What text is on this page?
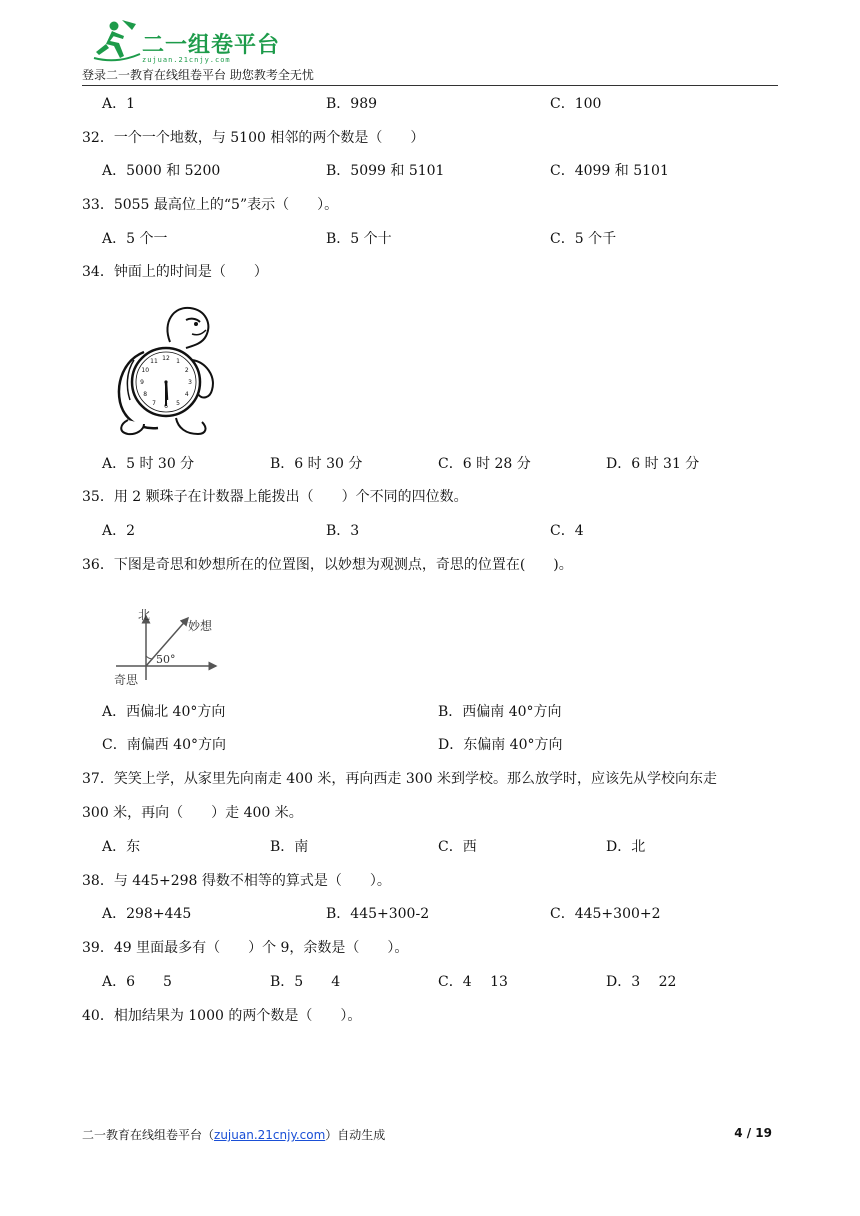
二一组卷平台
zujuan.21cnjy.com
登录二一教育在线组卷平台 助您教考全无忧
A．1	B．989	C．100
32．一个一个地数，与 5100 相邻的两个数是（　　）
A．5000 和 5200	B．5099 和 5101	C．4099 和 5101
33．5055 最高位上的“5”表示（　　）。
A．5 个一	B．5 个十	C．5 个千
34．钟面上的时间是（　　）
12 1
2
3
4
5
6
7
8
9
10
11
A．5 时 30 分	B．6 时 30 分	C．6 时 28 分	D．6 时 31 分
35．用 2 颗珠子在计数器上能拨出（　　）个不同的四位数。
A．2	B．3	C．4
36．下图是奇思和妙想所在的位置图，以妙想为观测点，奇思的位置在(　　)。
北
妙想
50°
奇思
A．西偏北 40°方向	B．西偏南 40°方向
C．南偏西 40°方向	D．东偏南 40°方向
37．笑笑上学，从家里先向南走 400 米，再向西走 300 米到学校。那么放学时，应该先从学校向东走
300 米，再向（　　）走 400 米。
A．东	B．南	C．西	D．北
38．与 445+298 得数不相等的算式是（　　）。
A．298+445	B．445+300-2	C．445+300+2
39．49 里面最多有（　　）个 9，余数是（　　）。
A．6　　5	B．5　　4	C．4　 13	D．3　 22
40．相加结果为 1000 的两个数是（　　）。
二一教育在线组卷平台（zujuan.21cnjy.com）自动生成	4 / 19
